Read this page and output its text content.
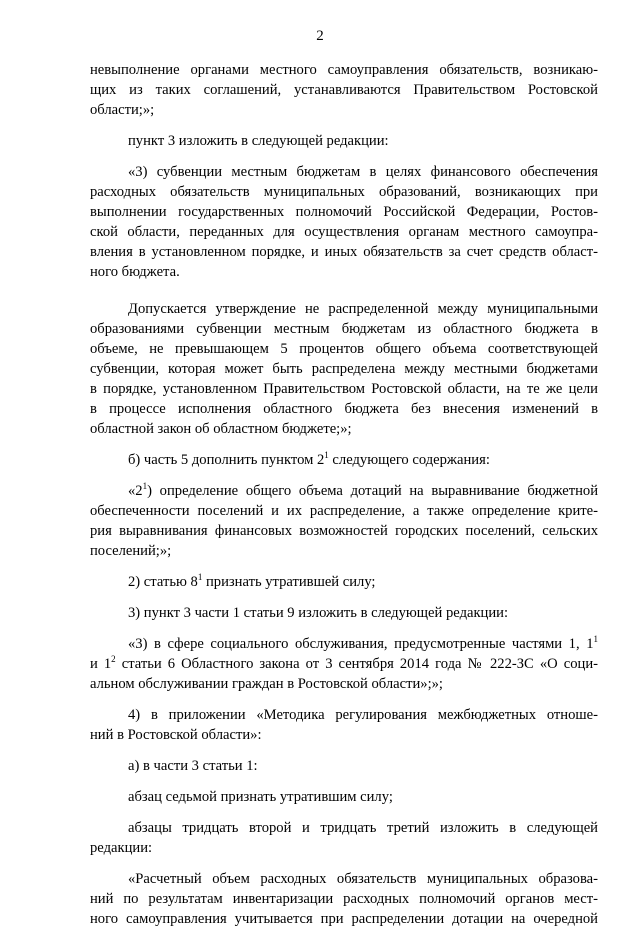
2
невыполнение органами местного самоуправления обязательств, возникаю-
щих из таких соглашений, устанавливаются Правительством Ростовской
области;»;
пункт 3 изложить в следующей редакции:
«3) субвенции местным бюджетам в целях финансового обеспечения
расходных обязательств муниципальных образований, возникающих при
выполнении государственных полномочий Российской Федерации, Ростов-
ской области, переданных для осуществления органам местного самоупра-
вления в установленном порядке, и иных обязательств за счет средств област-
ного бюджета.
Допускается утверждение не распределенной между муниципальными
образованиями субвенции местным бюджетам из областного бюджета в
объеме, не превышающем 5 процентов общего объема соответствующей
субвенции, которая может быть распределена между местными бюджетами
в порядке, установленном Правительством Ростовской области, на те же цели
в процессе исполнения областного бюджета без внесения изменений в
областной закон об областном бюджете;»;
б) часть 5 дополнить пунктом $2^1$ следующего содержания:
«$2^1$) определение общего объема дотаций на выравнивание бюджетной
обеспеченности поселений и их распределение, а также определение крите-
рия выравнивания финансовых возможностей городских поселений, сельских
поселений;»;
2) статью $8^1$ признать утратившей силу;
3) пункт 3 части 1 статьи 9 изложить в следующей редакции:
«3) в сфере социального обслуживания, предусмотренные частями 1, $1^1$
и $1^2$ статьи 6 Областного закона от 3 сентября 2014 года № 222-ЗС «О соци-
альном обслуживании граждан в Ростовской области»;»;
4) в приложении «Методика регулирования межбюджетных отноше-
ний в Ростовской области»:
а) в части 3 статьи 1:
абзац седьмой признать утратившим силу;
абзацы тридцать второй и тридцать третий изложить в следующей
редакции:
«Расчетный объем расходных обязательств муниципальных образова-
ний по результатам инвентаризации расходных полномочий органов мест-
ного самоуправления учитывается при распределении дотации на очередной
